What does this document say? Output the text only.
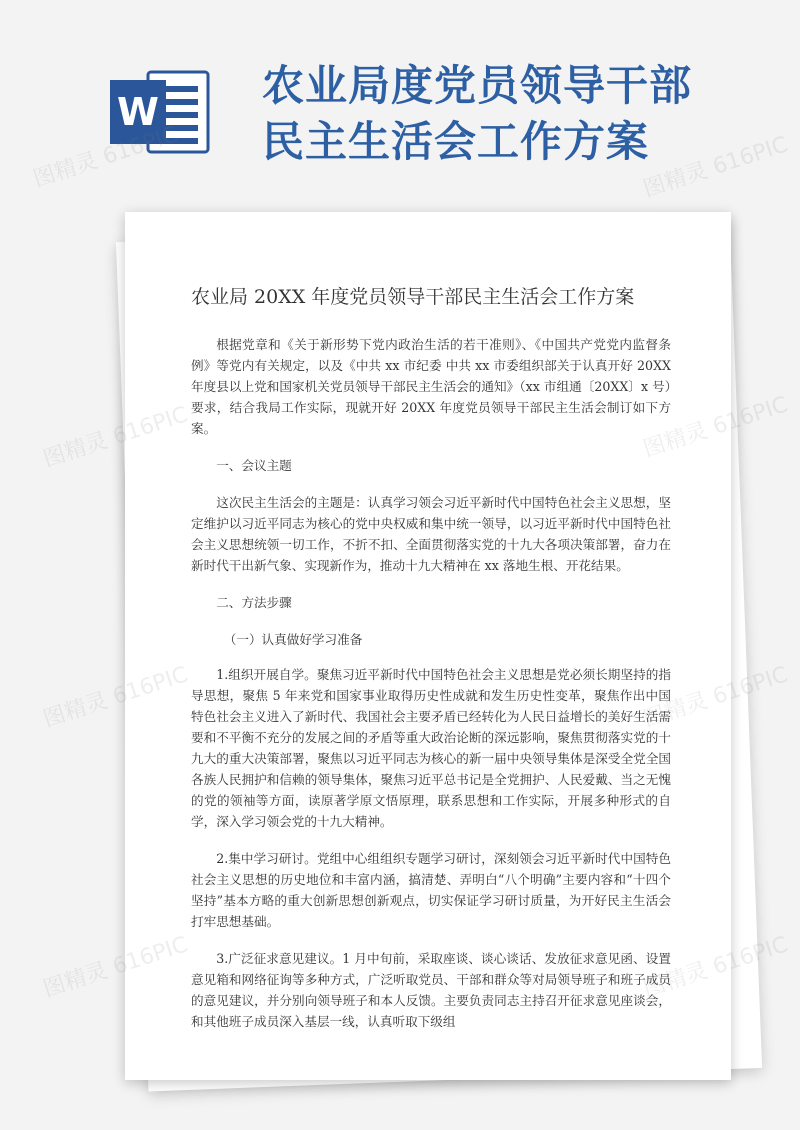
W
农业局度党员领导干部
民主生活会工作方案
农业局 20XX 年度党员领导干部民主生活会工作方案

根据党章和《关于新形势下党内政治生活的若干准则》、《中国共产党党内监督条例》等党内有关规定，以及《中共 xx 市纪委 中共 xx 市委组织部关于认真开好 20XX 年度县以上党和国家机关党员领导干部民主生活会的通知》（xx 市组通〔20XX〕x 号）要求，结合我局工作实际，现就开好 20XX 年度党员领导干部民主生活会制订如下方案。

一、会议主题

这次民主生活会的主题是：认真学习领会习近平新时代中国特色社会主义思想，坚定维护以习近平同志为核心的党中央权威和集中统一领导，以习近平新时代中国特色社会主义思想统领一切工作，不折不扣、全面贯彻落实党的十九大各项决策部署，奋力在新时代干出新气象、实现新作为，推动十九大精神在 xx 落地生根、开花结果。

二、方法步骤

（一）认真做好学习准备

1.组织开展自学。聚焦习近平新时代中国特色社会主义思想是党必须长期坚持的指导思想，聚焦 5 年来党和国家事业取得历史性成就和发生历史性变革，聚焦作出中国特色社会主义进入了新时代、我国社会主要矛盾已经转化为人民日益增长的美好生活需要和不平衡不充分的发展之间的矛盾等重大政治论断的深远影响，聚焦贯彻落实党的十九大的重大决策部署，聚焦以习近平同志为核心的新一届中央领导集体是深受全党全国各族人民拥护和信赖的领导集体，聚焦习近平总书记是全党拥护、人民爱戴、当之无愧的党的领袖等方面，读原著学原文悟原理，联系思想和工作实际，开展多种形式的自学，深入学习领会党的十九大精神。

2.集中学习研讨。党组中心组组织专题学习研讨，深刻领会习近平新时代中国特色社会主义思想的历史地位和丰富内涵，搞清楚、弄明白“八个明确”主要内容和“十四个坚持”基本方略的重大创新思想创新观点，切实保证学习研讨质量，为开好民主生活会打牢思想基础。

3.广泛征求意见建议。1 月中旬前，采取座谈、谈心谈话、发放征求意见函、设置意见箱和网络征询等多种方式，广泛听取党员、干部和群众等对局领导班子和班子成员的意见建议，并分别向领导班子和本人反馈。主要负责同志主持召开征求意见座谈会，和其他班子成员深入基层一线，认真听取下级组

图精灵 616PIC	图精灵 616PIC
图精灵 616PIC	616PIC
图精灵 616PIC	616PIC
图精灵 616PIC
